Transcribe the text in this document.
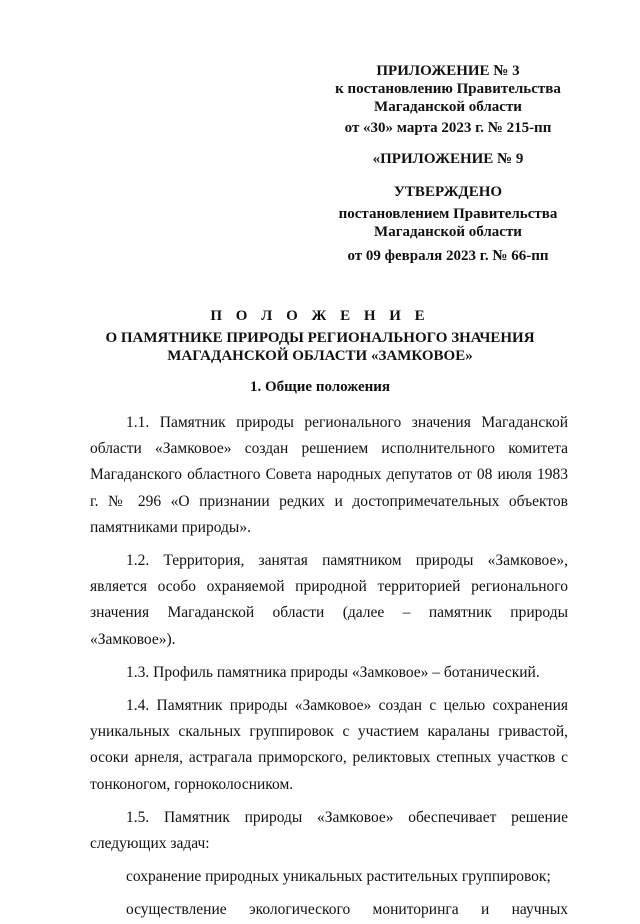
ПРИЛОЖЕНИЕ № 3
к постановлению Правительства
Магаданской области
от «30» марта 2023 г. № 215-пп
«ПРИЛОЖЕНИЕ № 9
УТВЕРЖДЕНО
постановлением Правительства
Магаданской области
от 09 февраля 2023 г. № 66-пп
П О Л О Ж Е Н И Е
О ПАМЯТНИКЕ ПРИРОДЫ РЕГИОНАЛЬНОГО ЗНАЧЕНИЯ
МАГАДАНСКОЙ ОБЛАСТИ «ЗАМКОВОЕ»
1. Общие положения

1.1. Памятник природы регионального значения Магаданской области «Замковое» создан решением исполнительного комитета Магаданского областного Совета народных депутатов от 08 июля 1983 г. № 296 «О признании редких и достопримечательных объектов памятниками природы».

1.2. Территория, занятая памятником природы «Замковое», является особо охраняемой природной территорией регионального значения Магаданской области (далее – памятник природы «Замковое»).

1.3. Профиль памятника природы «Замковое» – ботанический.

1.4. Памятник природы «Замковое» создан с целью сохранения уникальных скальных группировок с участием караланы гривастой, осоки арнеля, астрагала приморского, реликтовых степных участков с тонконогом, горноколосником.

1.5. Памятник природы «Замковое» обеспечивает решение следующих задач:

сохранение природных уникальных растительных группировок;

осуществление экологического мониторинга и научных
